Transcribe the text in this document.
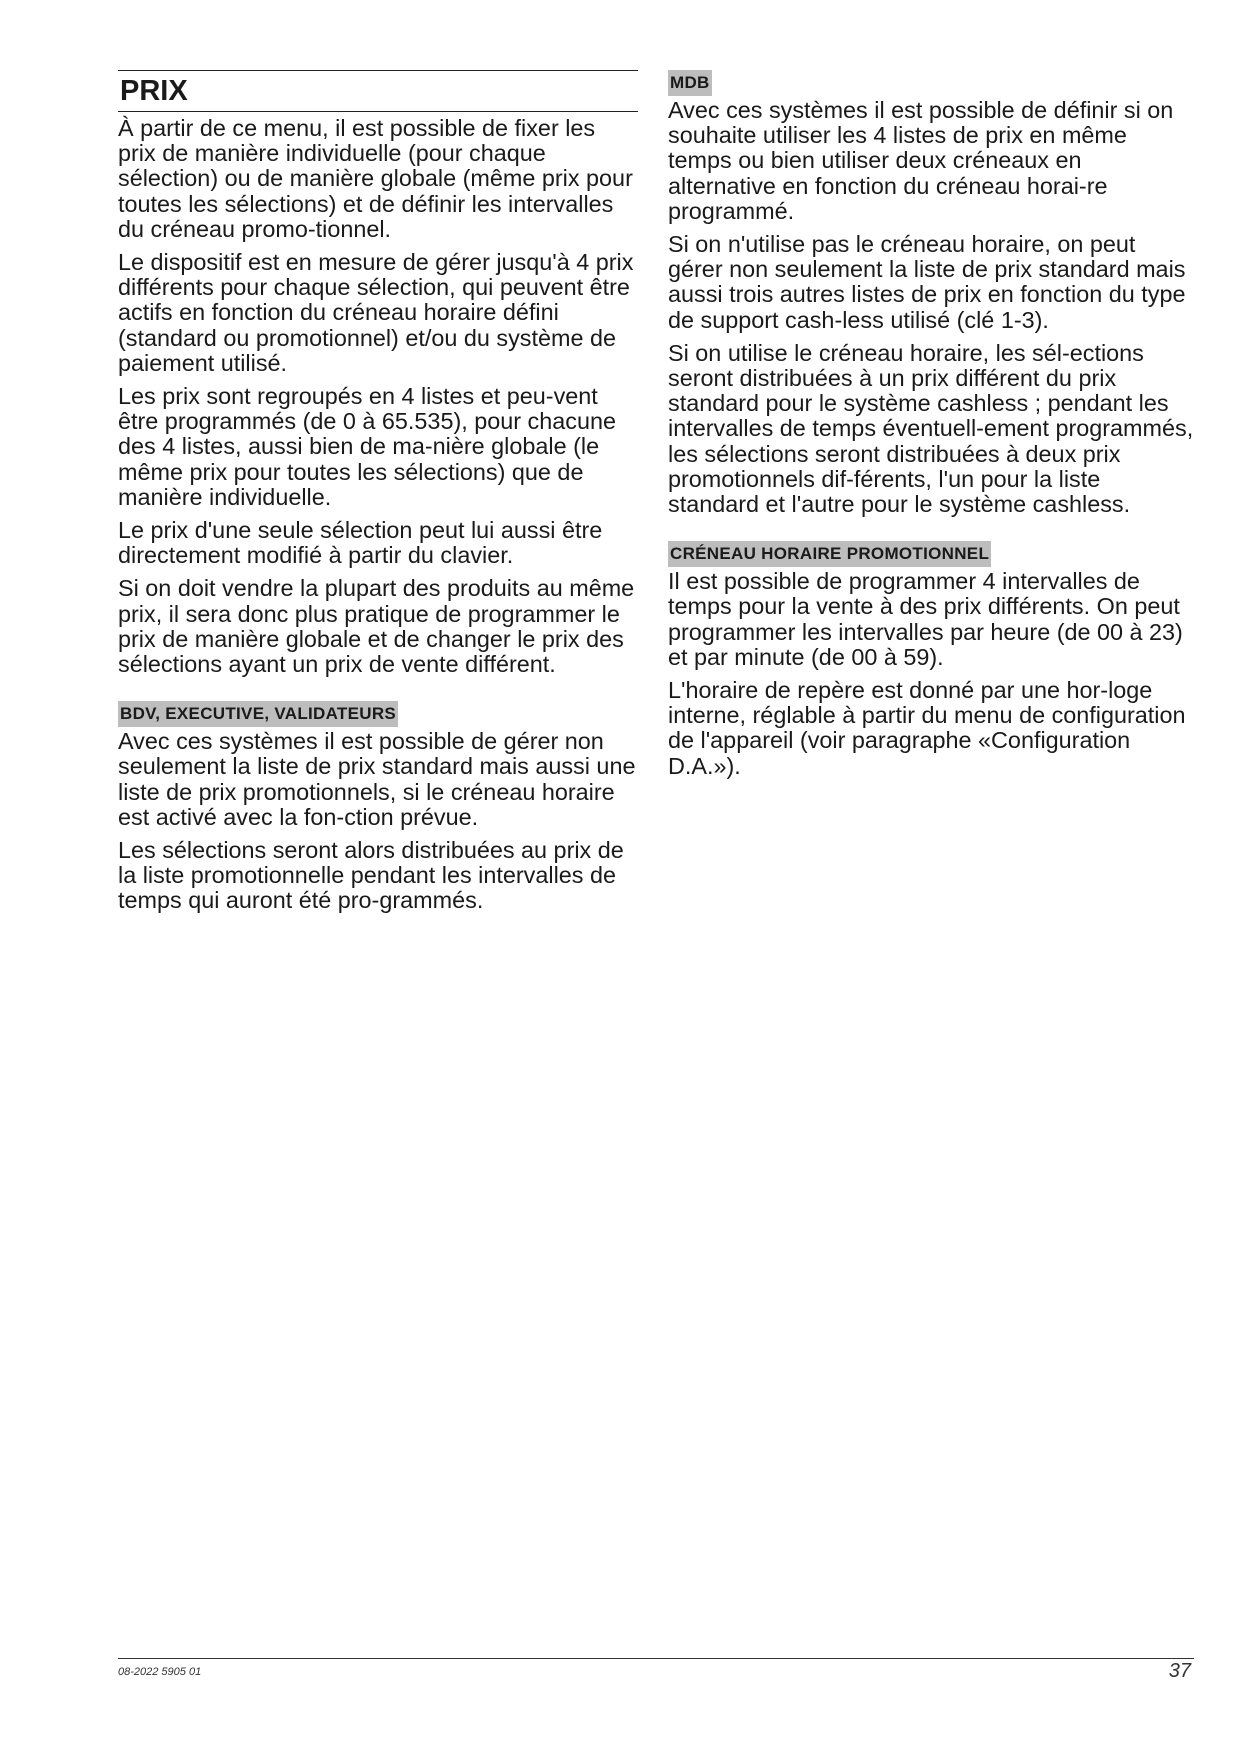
PRIX

À partir de ce menu, il est possible de fixer les prix de manière individuelle (pour chaque sélection) ou de manière globale (même prix pour toutes les sélections) et de définir les intervalles du créneau promo-tionnel.

Le dispositif est en mesure de gérer jusqu'à 4 prix différents pour chaque sélection, qui peuvent être actifs en fonction du créneau horaire défini (standard ou promotionnel) et/ou du système de paiement utilisé.

Les prix sont regroupés en 4 listes et peu-vent être programmés (de 0 à 65.535), pour chacune des 4 listes, aussi bien de ma-nière globale (le même prix pour toutes les sélections) que de manière individuelle.

Le prix d'une seule sélection peut lui aussi être directement modifié à partir du clavier.

Si on doit vendre la plupart des produits au même prix, il sera donc plus pratique de programmer le prix de manière globale et de changer le prix des sélections ayant un prix de vente différent.

BDV, EXECUTIVE, VALIDATEURS

Avec ces systèmes il est possible de gérer non seulement la liste de prix standard mais aussi une liste de prix promotionnels, si le créneau horaire est activé avec la fon-ction prévue.

Les sélections seront alors distribuées au prix de la liste promotionnelle pendant les intervalles de temps qui auront été pro-grammés.

MDB

Avec ces systèmes il est possible de définir si on souhaite utiliser les 4 listes de prix en même temps ou bien utiliser deux créneaux en alternative en fonction du créneau horai-re programmé.

Si on n'utilise pas le créneau horaire, on peut gérer non seulement la liste de prix standard mais aussi trois autres listes de prix en fonction du type de support cash-less utilisé (clé 1-3).

Si on utilise le créneau horaire, les sél-ections seront distribuées à un prix différent du prix standard pour le système cashless ; pendant les intervalles de temps éventuell-ement programmés, les sélections seront distribuées à deux prix promotionnels dif-férents, l'un pour la liste standard et l'autre pour le système cashless.

CRÉNEAU HORAIRE PROMOTIONNEL

Il est possible de programmer 4 intervalles de temps pour la vente à des prix différents. On peut programmer les intervalles par heure (de 00 à 23) et par minute (de 00 à 59).

L'horaire de repère est donné par une hor-loge interne, réglable à partir du menu de configuration de l'appareil (voir paragraphe «Configuration D.A.»).

08-2022 5905 01	37
